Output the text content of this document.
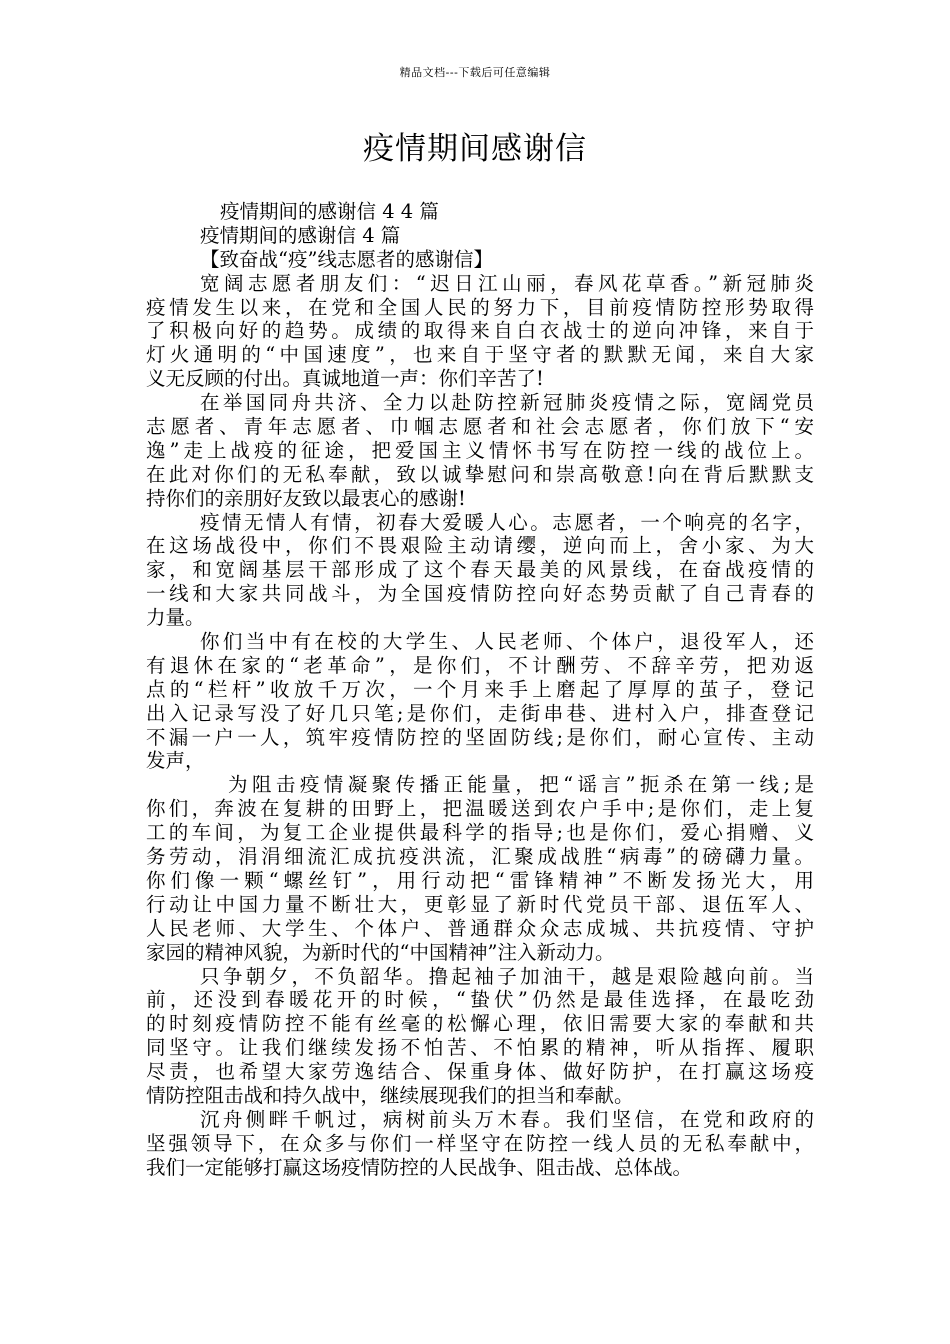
精品文档---下载后可任意编辑
疫情期间感谢信
疫情期间的感谢信 4 4 篇
疫情期间的感谢信 4 篇
【致奋战“疫”线志愿者的感谢信】
宽阔志愿者朋友们：“迟日江山丽，春风花草香。”新冠肺炎
疫情发生以来，在党和全国人民的努力下，目前疫情防控形势取得
了积极向好的趋势。成绩的取得来自白衣战士的逆向冲锋，来自于
灯火通明的“中国速度”，也来自于坚守者的默默无闻，来自大家
义无反顾的付出。真诚地道一声：你们辛苦了!
在举国同舟共济、全力以赴防控新冠肺炎疫情之际，宽阔党员
志愿者、青年志愿者、巾帼志愿者和社会志愿者，你们放下“安
逸”走上战疫的征途，把爱国主义情怀书写在防控一线的战位上。
在此对你们的无私奉献，致以诚挚慰问和崇高敬意!向在背后默默支
持你们的亲朋好友致以最衷心的感谢!
疫情无情人有情，初春大爱暖人心。志愿者，一个响亮的名字，
在这场战役中，你们不畏艰险主动请缨，逆向而上，舍小家、为大
家，和宽阔基层干部形成了这个春天最美的风景线，在奋战疫情的
一线和大家共同战斗，为全国疫情防控向好态势贡献了自己青春的
力量。
你们当中有在校的大学生、人民老师、个体户，退役军人，还
有退休在家的“老革命”，是你们，不计酬劳、不辞辛劳，把劝返
点的“栏杆”收放千万次，一个月来手上磨起了厚厚的茧子，登记
出入记录写没了好几只笔;是你们，走街串巷、进村入户，排查登记
不漏一户一人，筑牢疫情防控的坚固防线;是你们，耐心宣传、主动
发声，
为阻击疫情凝聚传播正能量，把“谣言”扼杀在第一线;是
你们，奔波在复耕的田野上，把温暖送到农户手中;是你们，走上复
工的车间，为复工企业提供最科学的指导;也是你们，爱心捐赠、义
务劳动，涓涓细流汇成抗疫洪流，汇聚成战胜“病毒”的磅礴力量。
你们像一颗“螺丝钉”，用行动把“雷锋精神”不断发扬光大，用
行动让中国力量不断壮大，更彰显了新时代党员干部、退伍军人、
人民老师、大学生、个体户、普通群众众志成城、共抗疫情、守护
家园的精神风貌，为新时代的“中国精神”注入新动力。
只争朝夕，不负韶华。撸起袖子加油干，越是艰险越向前。当
前，还没到春暖花开的时候，“蛰伏”仍然是最佳选择，在最吃劲
的时刻疫情防控不能有丝毫的松懈心理，依旧需要大家的奉献和共
同坚守。让我们继续发扬不怕苦、不怕累的精神，听从指挥、履职
尽责，也希望大家劳逸结合、保重身体、做好防护，在打赢这场疫
情防控阻击战和持久战中，继续展现我们的担当和奉献。
沉舟侧畔千帆过，病树前头万木春。我们坚信，在党和政府的
坚强领导下，在众多与你们一样坚守在防控一线人员的无私奉献中，
我们一定能够打赢这场疫情防控的人民战争、阻击战、总体战。
